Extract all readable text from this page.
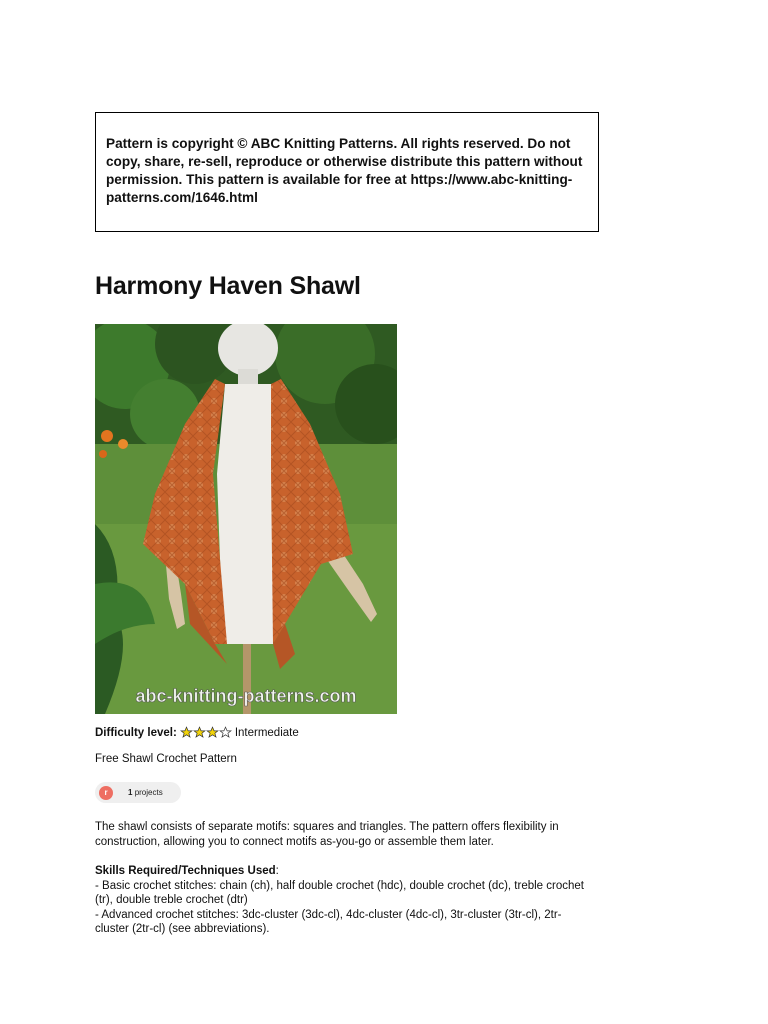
Pattern is copyright © ABC Knitting Patterns. All rights reserved. Do not copy, share, re-sell, reproduce or otherwise distribute this pattern without permission. This pattern is available for free at https://www.abc-knitting-patterns.com/1646.html
Harmony Haven Shawl
abc-knitting-patterns.com
Difficulty level:	Intermediate
Free Shawl Crochet Pattern
r	1 projects

The shawl consists of separate motifs: squares and triangles. The pattern offers flexibility in construction, allowing you to connect motifs as-you-go or assemble them later.

Skills Required/Techniques Used:

- Basic crochet stitches: chain (ch), half double crochet (hdc), double crochet (dc), treble crochet (tr), double treble crochet (dtr)

- Advanced crochet stitches: 3dc-cluster (3dc-cl), 4dc-cluster (4dc-cl), 3tr-cluster (3tr-cl), 2tr-cluster (2tr-cl) (see abbreviations).
